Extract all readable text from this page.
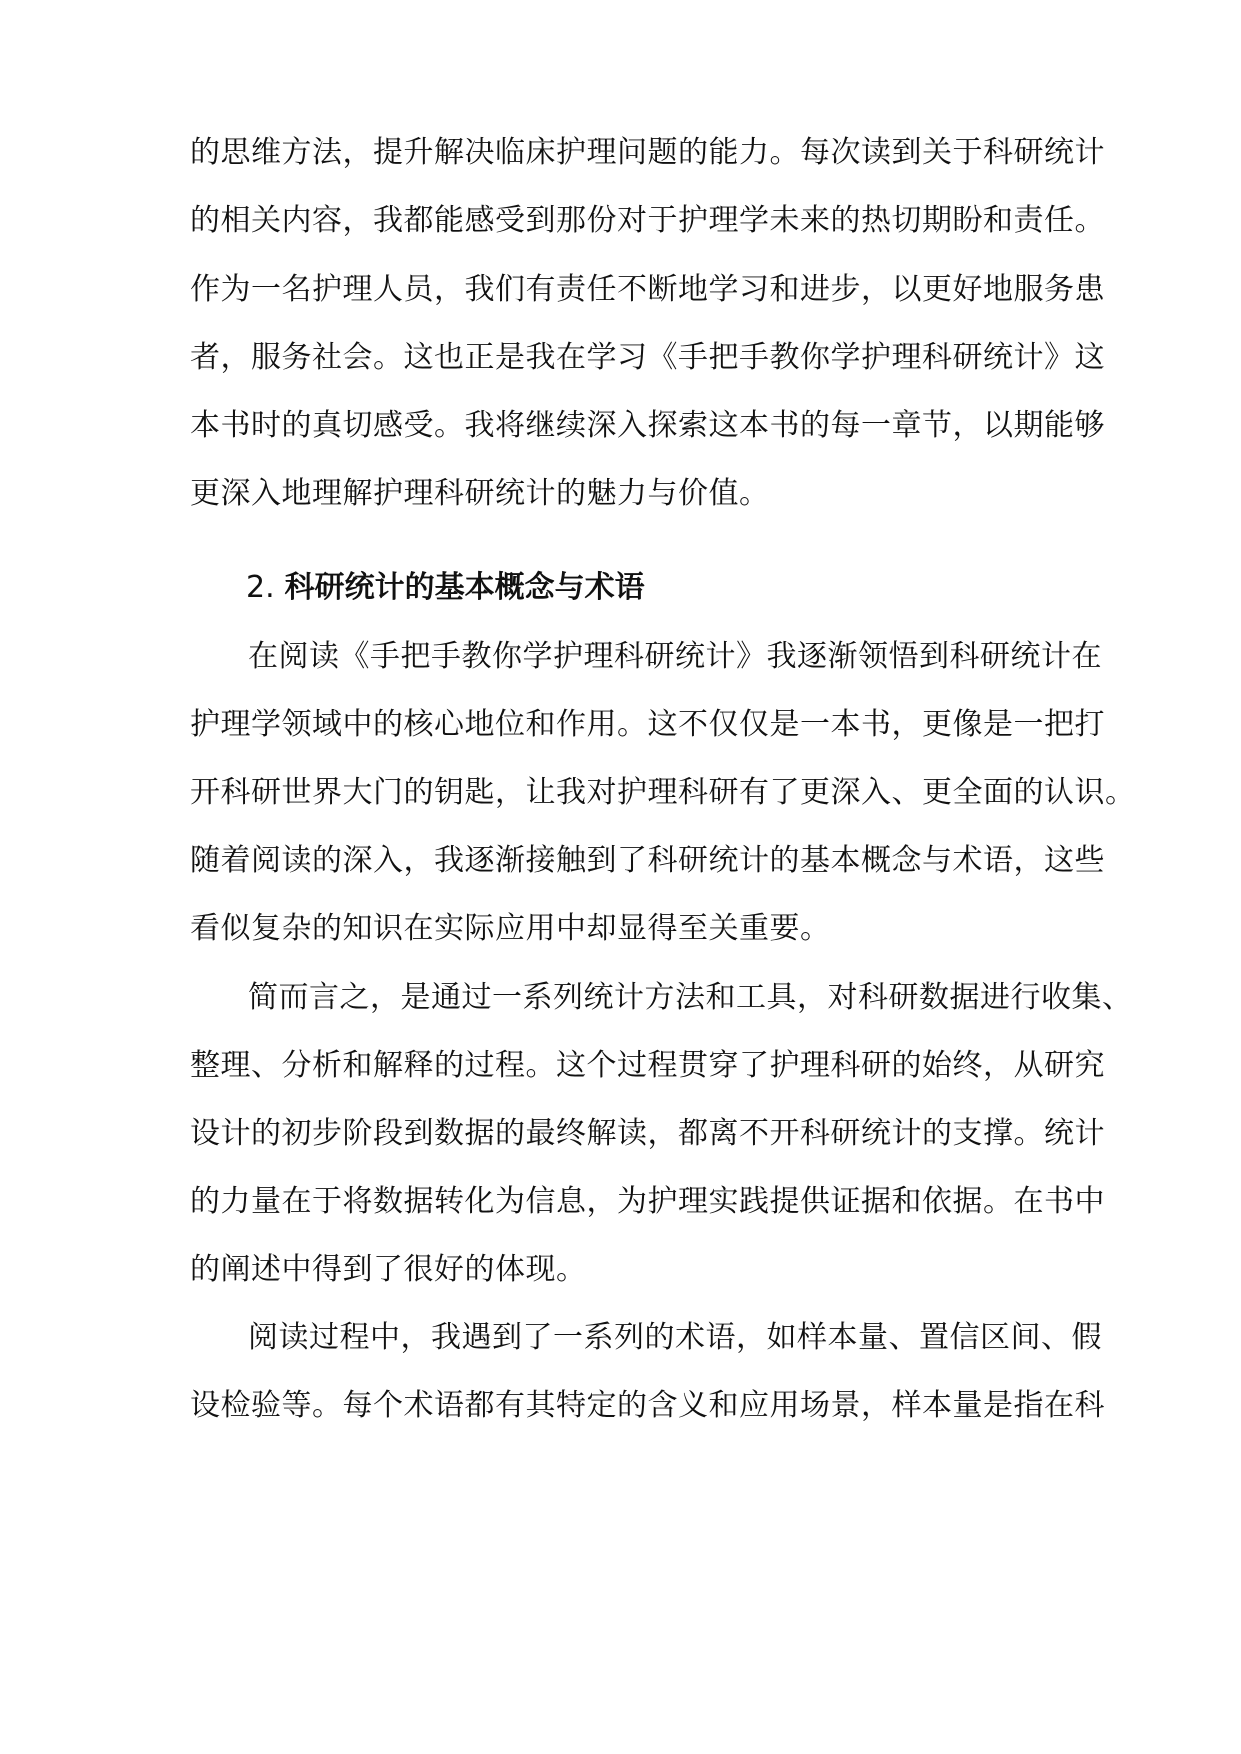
的思维方法，提升解决临床护理问题的能力。每次读到关于科研统计
的相关内容，我都能感受到那份对于护理学未来的热切期盼和责任。
作为一名护理人员，我们有责任不断地学习和进步，以更好地服务患
者，服务社会。这也正是我在学习《手把手教你学护理科研统计》这
本书时的真切感受。我将继续深入探索这本书的每一章节，以期能够
更深入地理解护理科研统计的魅力与价值。
2. 科研统计的基本概念与术语
在阅读《手把手教你学护理科研统计》我逐渐领悟到科研统计在
护理学领域中的核心地位和作用。这不仅仅是一本书，更像是一把打
开科研世界大门的钥匙，让我对护理科研有了更深入、更全面的认识。
随着阅读的深入，我逐渐接触到了科研统计的基本概念与术语，这些
看似复杂的知识在实际应用中却显得至关重要。
简而言之，是通过一系列统计方法和工具，对科研数据进行收集、
整理、分析和解释的过程。这个过程贯穿了护理科研的始终，从研究
设计的初步阶段到数据的最终解读，都离不开科研统计的支撑。统计
的力量在于将数据转化为信息，为护理实践提供证据和依据。在书中
的阐述中得到了很好的体现。
阅读过程中，我遇到了一系列的术语，如样本量、置信区间、假
设检验等。每个术语都有其特定的含义和应用场景，样本量是指在科
